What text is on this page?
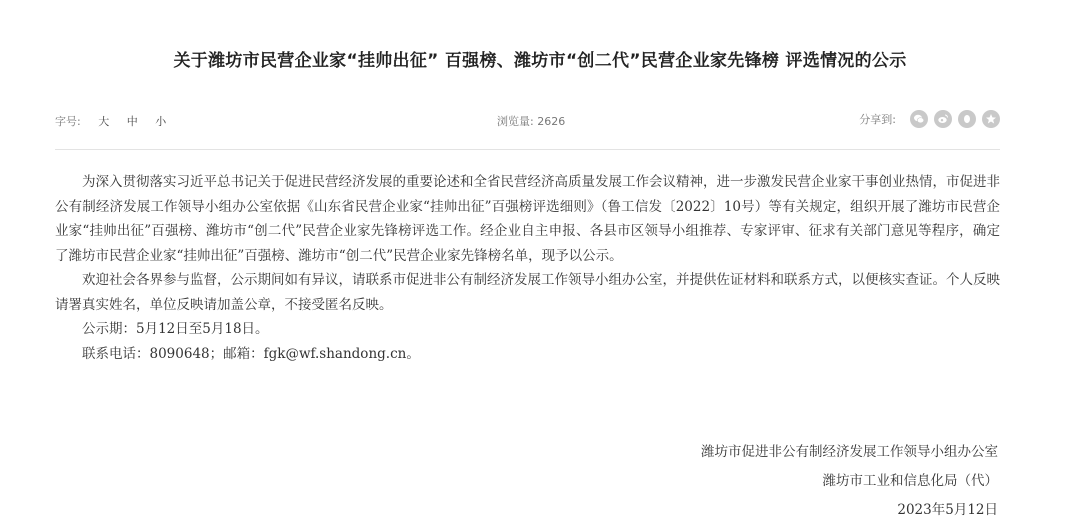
关于潍坊市民营企业家“挂帅出征” 百强榜、潍坊市“创二代”民营企业家先锋榜 评选情况的公示
字号: 大 中 小	浏览量: 2626	分享到:

为深入贯彻落实习近平总书记关于促进民营经济发展的重要论述和全省民营经济高质量发展工作会议精神，进一步激发民营企业家干事创业热情，市促进非公有制经济发展工作领导小组办公室依据《山东省民营企业家“挂帅出征”百强榜评选细则》（鲁工信发〔2022〕10号）等有关规定，组织开展了潍坊市民营企业家“挂帅出征”百强榜、潍坊市“创二代”民营企业家先锋榜评选工作。经企业自主申报、各县市区领导小组推荐、专家评审、征求有关部门意见等程序，确定了潍坊市民营企业家“挂帅出征”百强榜、潍坊市“创二代”民营企业家先锋榜名单，现予以公示。

欢迎社会各界参与监督，公示期间如有异议，请联系市促进非公有制经济发展工作领导小组办公室，并提供佐证材料和联系方式，以便核实查证。个人反映请署真实姓名，单位反映请加盖公章，不接受匿名反映。

公示期：5月12日至5月18日。

联系电话：8090648；邮箱：fgk@wf.shandong.cn。

潍坊市促进非公有制经济发展工作领导小组办公室
潍坊市工业和信息化局（代）
2023年5月12日
